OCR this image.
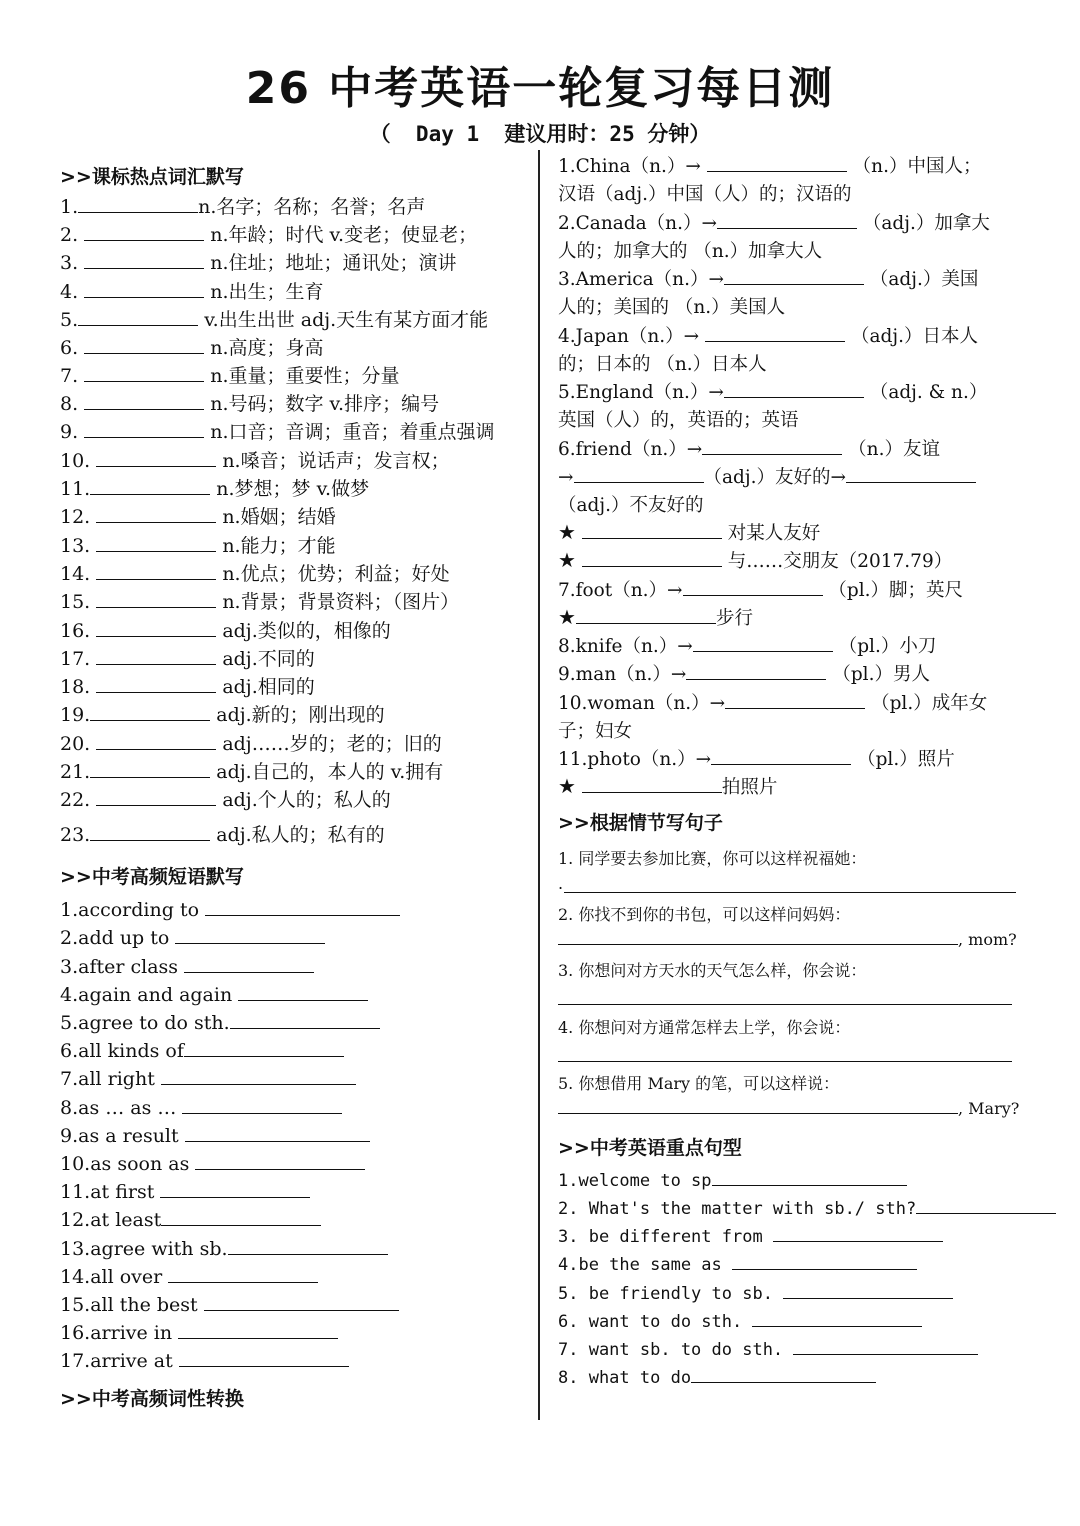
26 中考英语一轮复习每日测
（  Day 1  建议用时：25 分钟）
>>课标热点词汇默写
1.	n.名字；名称；名誉；名声
2.	n.年龄；时代 v.变老；使显老；
3.	n.住址；地址；通讯处；演讲
4.	n.出生；生育
5.	v.出生出世 adj.天生有某方面才能
6.	n.高度；身高
7.	n.重量；重要性；分量
8.	n.号码；数字 v.排序；编号
9.	n.口音；音调；重音；着重点强调
10.	n.嗓音；说话声；发言权；
11.	n.梦想；梦 v.做梦
12.	n.婚姻；结婚
13.	n.能力；才能
14.	n.优点；优势；利益；好处
15.	n.背景；背景资料；（图片）
16.	adj.类似的，相像的
17.	adj.不同的
18.	adj.相同的
19.	adj.新的；刚出现的
20.	adj……岁的；老的；旧的
21.	adj.自己的，本人的 v.拥有
22.	adj.个人的；私人的
23.	adj.私人的；私有的
>>中考高频短语默写
1.according to
2.add up to
3.after class
4.again and again
5.agree to do sth.
6.all kinds of
7.all right
8.as … as …
9.as a result
10.as soon as
11.at first
12.at least
13.agree with sb.
14.all over
15.all the best
16.arrive in
17.arrive at
>>中考高频词性转换
1.China（n.）→	（n.）中国人；
汉语（adj.）中国（人）的；汉语的
2.Canada（n.）→	（adj.）加拿大
人的；加拿大的 （n.）加拿大人
3.America（n.）→	（adj.）美国
人的；美国的 （n.）美国人
4.Japan（n.）→	（adj.）日本人
的；日本的 （n.）日本人
5.England（n.）→	（adj. & n.）
英国（人）的，英语的；英语
6.friend（n.）→	（n.）友谊
→	（adj.）友好的→
（adj.）不友好的
★	对某人友好
★	与……交朋友（2017.79）
7.foot（n.）→	（pl.）脚；英尺
★	步行
8.knife（n.）→	（pl.）小刀
9.man（n.）→	（pl.）男人
10.woman（n.）→	（pl.）成年女
子；妇女
11.photo（n.）→	（pl.）照片
★	拍照片
>>根据情节写句子
1. 同学要去参加比赛，你可以这样祝福她：
.
2. 你找不到你的书包，可以这样问妈妈：
, mom?
3. 你想问对方天水的天气怎么样，你会说：
4. 你想问对方通常怎样去上学，你会说：
5. 你想借用 Mary 的笔，可以这样说：
, Mary?
>>中考英语重点句型
1.welcome to sp
2. What's the matter with sb./ sth?
3. be different from
4.be the same as
5. be friendly to sb.
6. want to do sth.
7. want sb. to do sth.
8. what to do
